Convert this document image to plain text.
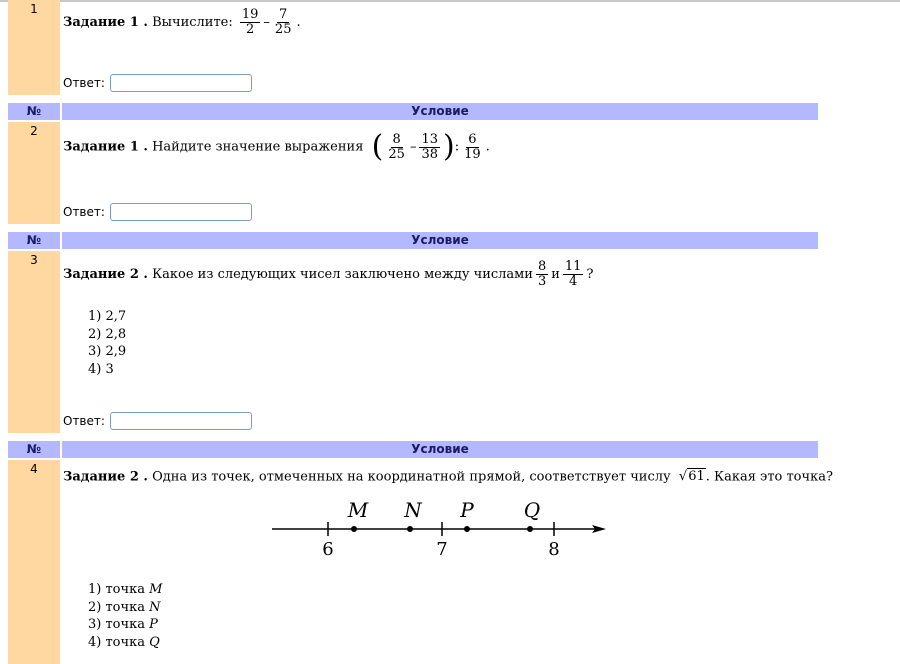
1
Задание 1 . Вычислите: $\frac{19}{2} - \frac{7}{25}$ .
Ответ:
№	Условие
2
Задание 1 . Найдите значение выражения ( $\frac{8}{25} - \frac{13}{38}$ ): $\frac{6}{19}$ .
Ответ:
№	Условие
3
Задание 2 . Какое из следующих чисел заключено между числами $\frac{8}{3}$ и $\frac{11}{4}$ ?
1) 2,7
2) 2,8
3) 2,9
4) 3
Ответ:
№	Условие
4
Задание 2 . Одна из точек, отмеченных на координатной прямой, соответствует числу √61. Какая это точка?
6	7	8
M N P	Q
1) точка M
2) точка N
3) точка P
4) точка Q
